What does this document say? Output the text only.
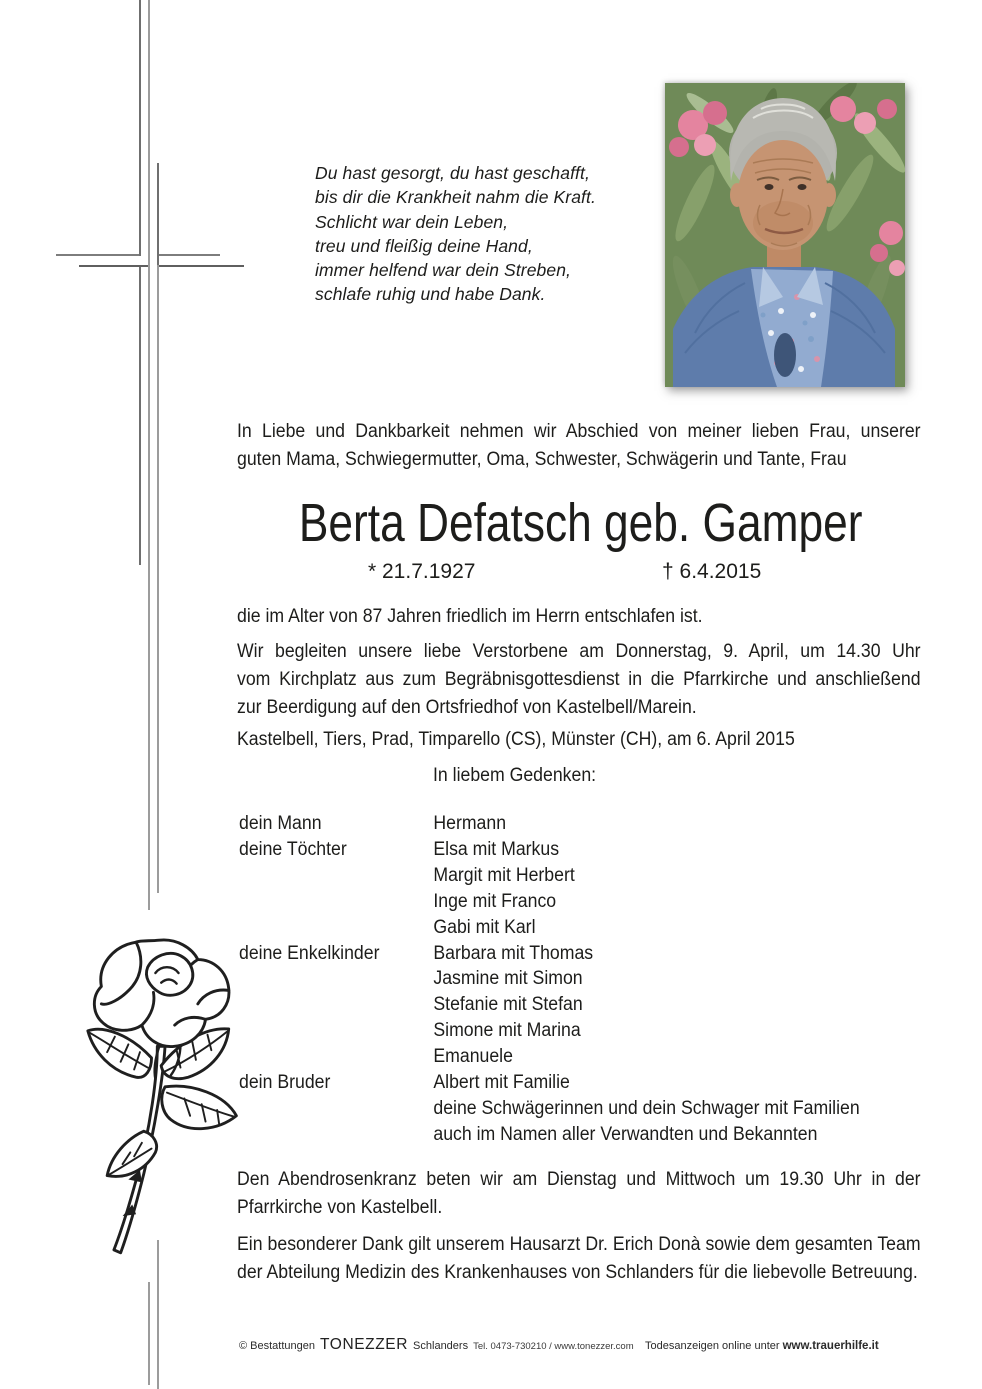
Du hast gesorgt, du hast geschafft,
bis dir die Krankheit nahm die Kraft.
Schlicht war dein Leben,
treu und fleißig deine Hand,
immer helfend war dein Streben,
schlafe ruhig und habe Dank.
In Liebe und Dankbarkeit nehmen wir Abschied von meiner lieben Frau, unserer
guten Mama, Schwiegermutter, Oma, Schwester, Schwägerin und Tante, Frau
Berta Defatsch geb. Gamper
* 21.7.1927	† 6.4.2015
die im Alter von 87 Jahren friedlich im Herrn entschlafen ist.
Wir begleiten unsere liebe Verstorbene am Donnerstag, 9. April, um 14.30 Uhr
vom Kirchplatz aus zum Begräbnisgottesdienst in die Pfarrkirche und anschließend
zur Beerdigung auf den Ortsfriedhof von Kastelbell/Marein.
Kastelbell, Tiers, Prad, Timparello (CS), Münster (CH), am 6. April 2015
In liebem Gedenken:
dein Mann	Hermann
deine Töchter	Elsa mit Markus
Margit mit Herbert
Inge mit Franco
Gabi mit Karl
deine Enkelkinder	Barbara mit Thomas
Jasmine mit Simon
Stefanie mit Stefan
Simone mit Marina
Emanuele
dein Bruder	Albert mit Familie
deine Schwägerinnen und dein Schwager mit Familien
auch im Namen aller Verwandten und Bekannten
Den Abendrosenkranz beten wir am Dienstag und Mittwoch um 19.30 Uhr in der
Pfarrkirche von Kastelbell.
Ein besonderer Dank gilt unserem Hausarzt Dr. Erich Donà sowie dem gesamten Team
der Abteilung Medizin des Krankenhauses von Schlanders für die liebevolle Betreuung.
© Bestattungen TONEZZER Schlanders Tel. 0473-730210 / www.tonezzer.com Todesanzeigen online unter www.trauerhilfe.it
